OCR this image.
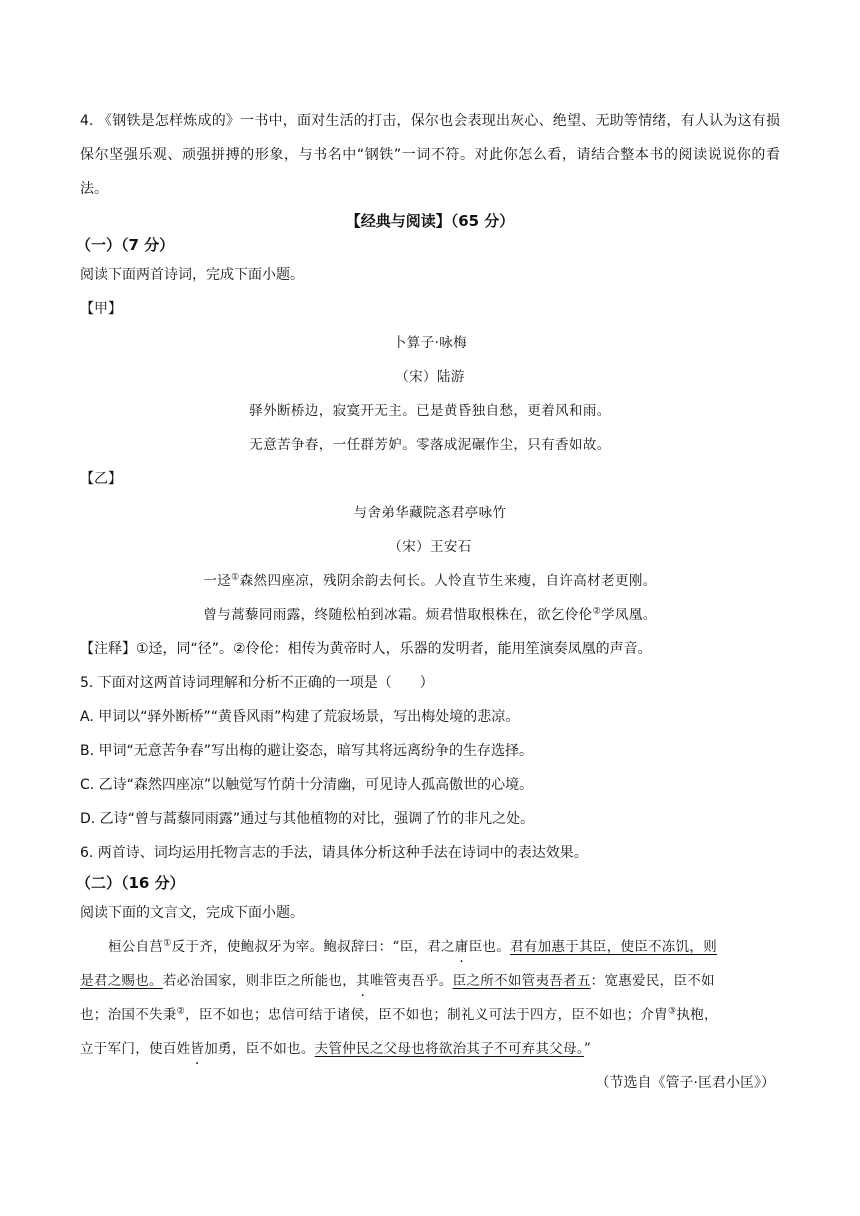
4. 《钢铁是怎样炼成的》一书中，面对生活的打击，保尔也会表现出灰心、绝望、无助等情绪，有人认为这有损保尔坚强乐观、顽强拼搏的形象，与书名中“钢铁”一词不符。对此你怎么看，请结合整本书的阅读说说你的看法。
【经典与阅读】（65 分）
（一）（7 分）
阅读下面两首诗词，完成下面小题。
【甲】
卜算子·咏梅
（宋）陆游
驿外断桥边，寂寞开无主。已是黄昏独自愁，更着风和雨。
无意苦争春，一任群芳妒。零落成泥碾作尘，只有香如故。
【乙】
与舍弟华藏院忞君亭咏竹
（宋）王安石
一迳①森然四座凉，残阴余韵去何长。人怜直节生来瘦，自许高材老更刚。
曾与蒿藜同雨露，终随松柏到冰霜。烦君惜取根株在，欲乞伶伦②学凤凰。
【注释】①迳，同“径”。②伶伦：相传为黄帝时人，乐器的发明者，能用笙演奏凤凰的声音。
5. 下面对这两首诗词理解和分析不正确的一项是（　　）
A. 甲词以“驿外断桥”“黄昏风雨”构建了荒寂场景，写出梅处境的悲凉。
B. 甲词“无意苦争春”写出梅的避让姿态，暗写其将远离纷争的生存选择。
C. 乙诗“森然四座凉”以触觉写竹荫十分清幽，可见诗人孤高傲世的心境。
D. 乙诗“曾与蒿藜同雨露”通过与其他植物的对比，强调了竹的非凡之处。
6. 两首诗、词均运用托物言志的手法，请具体分析这种手法在诗词中的表达效果。
（二）（16 分）
阅读下面的文言文，完成下面小题。
桓公自莒①反于齐，使鲍叔牙为宰。鲍叔辞曰：“臣，君之庸臣也。君有加惠于其臣，使臣不冻饥，则
是君之赐也。若必治国家，则非臣之所能也，其唯管夷吾乎。臣之所不如管夷吾者五：宽惠爱民，臣不如
也；治国不失秉②，臣不如也；忠信可结于诸侯，臣不如也；制礼义可法于四方，臣不如也；介胄③执枹，
立于军门，使百姓皆加勇，臣不如也。夫管仲民之父母也将欲治其子不可弃其父母。”
（节选自《管子·匡君小匡》）
